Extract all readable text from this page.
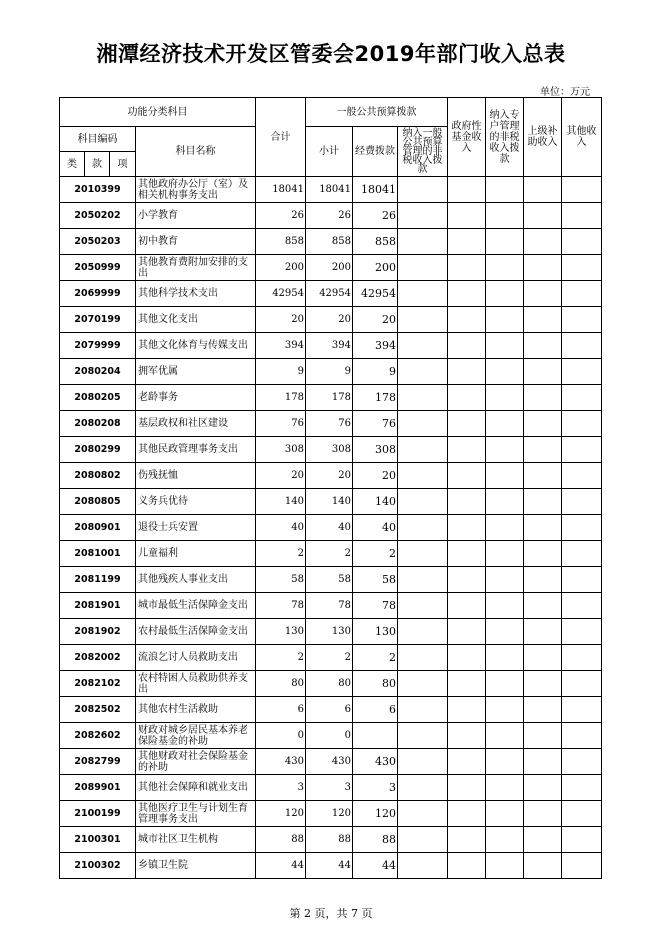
湘潭经济技术开发区管委会2019年部门收入总表
单位：万元
功能分类科目				合计	一般公共预算拨款			政府性基金收入	纳入专户管理的非税收入拨款	上级补助收入	其他收入
科目编码			科目名称		小计	经费拨款	纳入一般公共预算管理的非税收入拨款				
类	款	项									
2010399			其他政府办公厅（室）及相关机构事务支出	18041	18041	18041					
2050202			小学教育	26	26	26					
2050203			初中教育	858	858	858					
2050999			其他教育费附加安排的支出	200	200	200					
2069999			其他科学技术支出	42954	42954	42954					
2070199			其他文化支出	20	20	20					
2079999			其他文化体育与传媒支出	394	394	394					
2080204			拥军优属	9	9	9					
2080205			老龄事务	178	178	178					
2080208			基层政权和社区建设	76	76	76					
2080299			其他民政管理事务支出	308	308	308					
2080802			伤残抚恤	20	20	20					
2080805			义务兵优待	140	140	140					
2080901			退役士兵安置	40	40	40					
2081001			儿童福利	2	2	2					
2081199			其他残疾人事业支出	58	58	58					
2081901			城市最低生活保障金支出	78	78	78					
2081902			农村最低生活保障金支出	130	130	130					
2082002			流浪乞讨人员救助支出	2	2	2					
2082102			农村特困人员救助供养支出	80	80	80					
2082502			其他农村生活救助	6	6	6					
2082602			财政对城乡居民基本养老保险基金的补助	0	0						
2082799			其他财政对社会保险基金的补助	430	430	430					
2089901			其他社会保障和就业支出	3	3	3					
2100199			其他医疗卫生与计划生育管理事务支出	120	120	120					
2100301			城市社区卫生机构	88	88	88					
2100302			乡镇卫生院	44	44	44					
第 2 页，共 7 页
